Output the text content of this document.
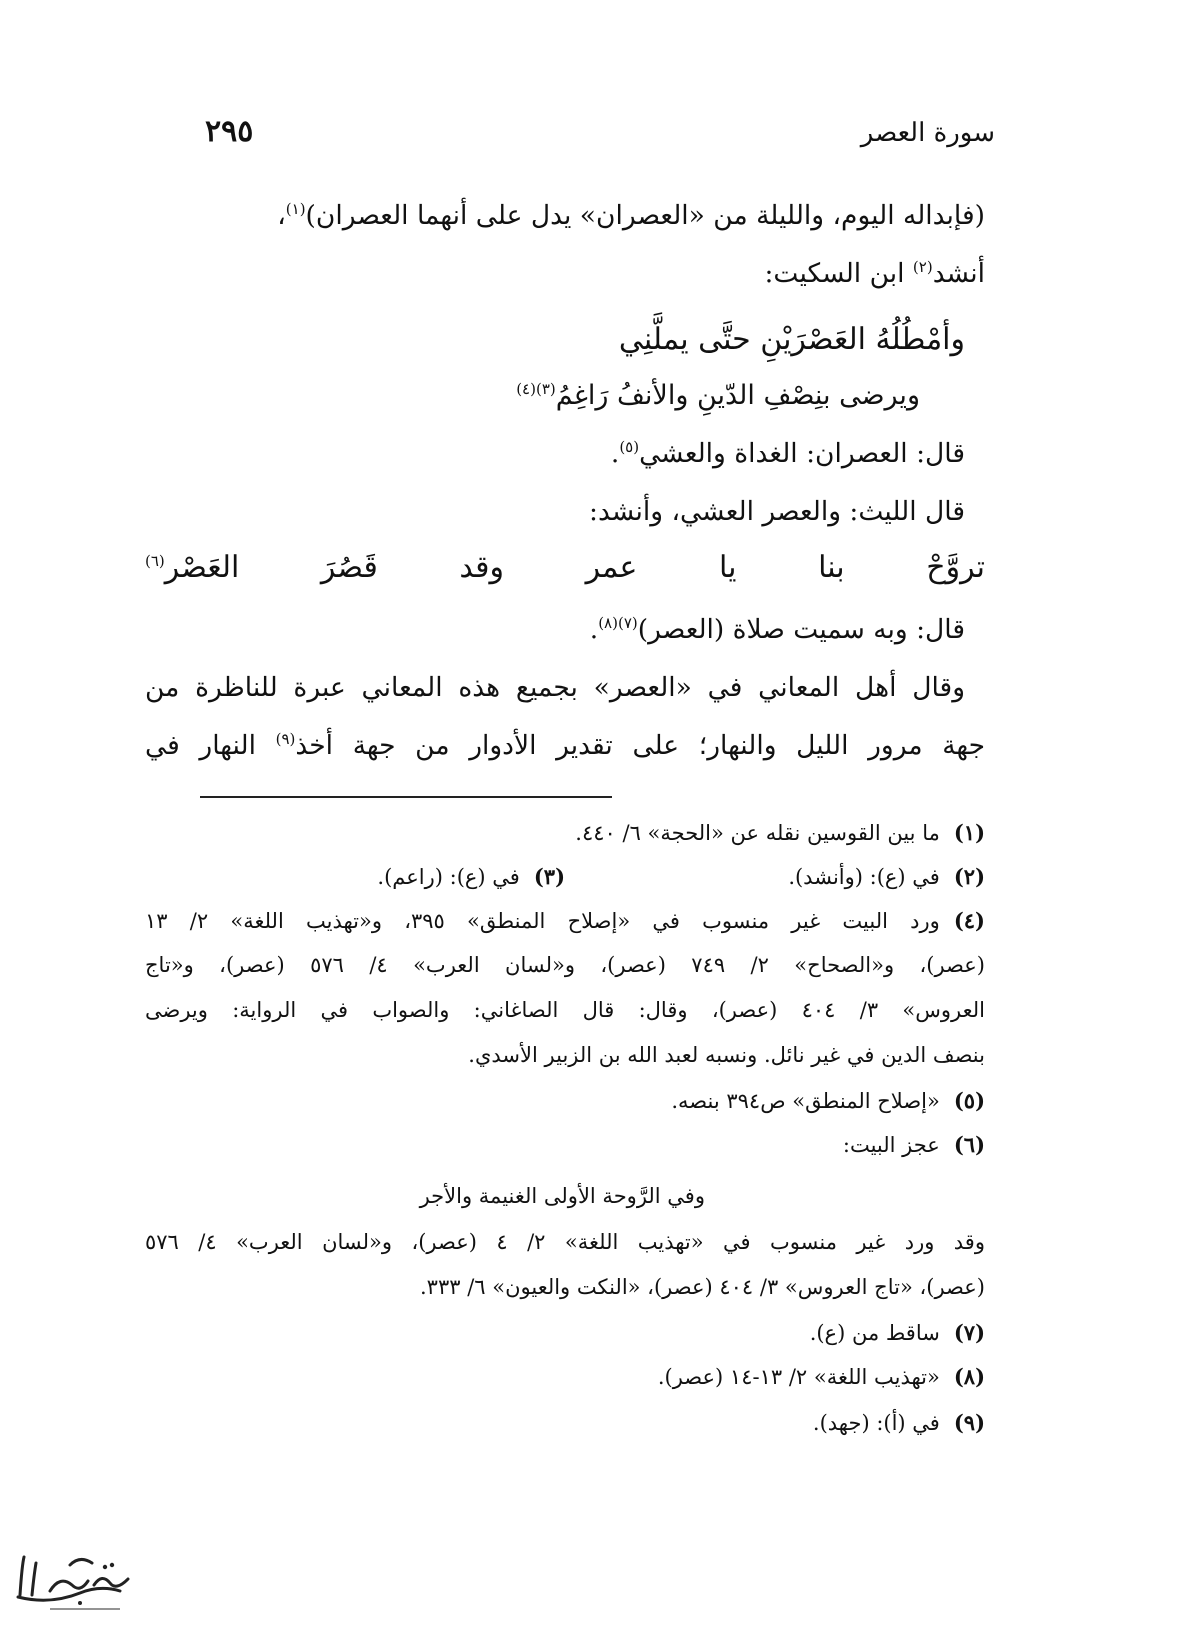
سورة العصر
٢٩٥
(فإبداله اليوم، والليلة من «العصران» يدل على أنهما العصران)$^{(١)}$،
أنشد$^{(٢)}$ ابن السكيت:
وأمْطُلُهُ العَصْرَيْنِ حتَّى يملَّنِي
ويرضى بنِصْفِ الدّينِ والأنفُ رَاغِمُ$^{(٣)(٤)}$
قال: العصران: الغداة والعشي$^{(٥)}$.
قال الليث: والعصر العشي، وأنشد:
تروَّحْ بنا يا عمر وقد قَصُرَ العَصْر$^{(٦)}$
قال: وبه سميت صلاة (العصر)$^{(٧)(٨)}$.
وقال أهل المعاني في «العصر» بجميع هذه المعاني عبرة للناظرة من
جهة مرور الليل والنهار؛ على تقدير الأدوار من جهة أخذ$^{(٩)}$ النهار في
(١)ما بين القوسين نقله عن «الحجة» ٦/ ٤٤٠.
(٢)في (ع): (وأنشد).
(٣)في (ع): (راعم).
(٤)ورد البيت غير منسوب في «إصلاح المنطق» ٣٩٥، و«تهذيب اللغة» ٢/ ١٣
(عصر)، و«الصحاح» ٢/ ٧٤٩ (عصر)، و«لسان العرب» ٤/ ٥٧٦ (عصر)، و«تاج
العروس» ٣/ ٤٠٤ (عصر)، وقال: قال الصاغاني: والصواب في الرواية: ويرضى
بنصف الدين في غير نائل. ونسبه لعبد الله بن الزبير الأسدي.
(٥)«إصلاح المنطق» ص٣٩٤ بنصه.
(٦)عجز البيت:
وفي الرَّوحة الأولى الغنيمة والأجر
وقد ورد غير منسوب في «تهذيب اللغة» ٢/ ٤ (عصر)، و«لسان العرب» ٤/ ٥٧٦
(عصر)، «تاج العروس» ٣/ ٤٠٤ (عصر)، «النكت والعيون» ٦/ ٣٣٣.
(٧)ساقط من (ع).
(٨)«تهذيب اللغة» ٢/ ١٣-١٤ (عصر).
(٩)في (أ): (جهد).
